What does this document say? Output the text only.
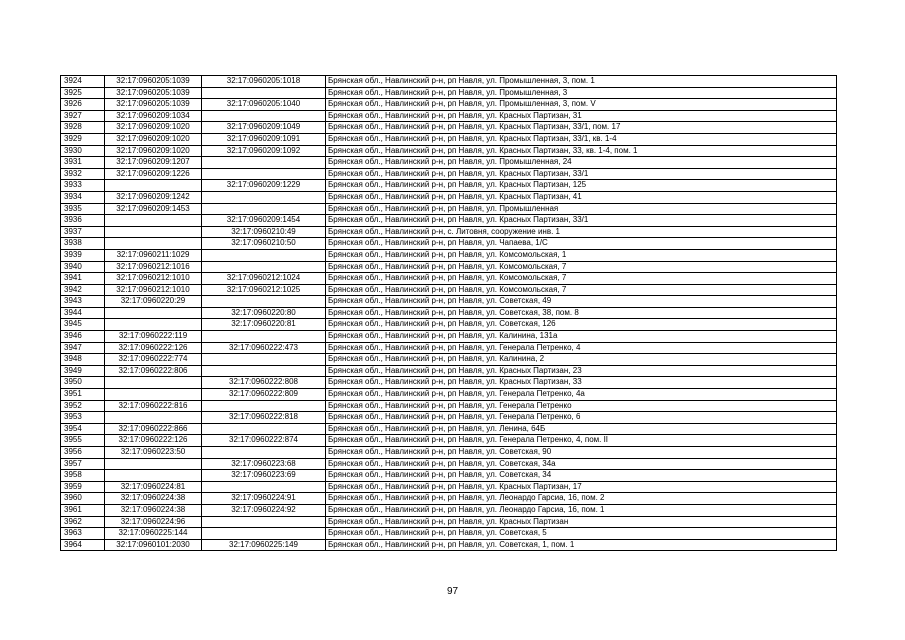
3924	32:17:0960205:1039	32:17:0960205:1018	Брянская обл., Навлинский р-н, рп Навля, ул. Промышленная, 3, пом. 1
3925	32:17:0960205:1039		Брянская обл., Навлинский р-н, рп Навля, ул. Промышленная, 3
3926	32:17:0960205:1039	32:17:0960205:1040	Брянская обл., Навлинский р-н, рп Навля, ул. Промышленная, 3, пом. V
3927	32:17:0960209:1034		Брянская обл., Навлинский р-н, рп Навля, ул. Красных Партизан, 31
3928	32:17:0960209:1020	32:17:0960209:1049	Брянская обл., Навлинский р-н, рп Навля, ул. Красных Партизан, 33/1, пом. 17
3929	32:17:0960209:1020	32:17:0960209:1091	Брянская обл., Навлинский р-н, рп Навля, ул. Красных Партизан, 33/1, кв. 1-4
3930	32:17:0960209:1020	32:17:0960209:1092	Брянская обл., Навлинский р-н, рп Навля, ул. Красных Партизан, 33, кв. 1-4, пом. 1
3931	32:17:0960209:1207		Брянская обл., Навлинский р-н, рп Навля, ул. Промышленная, 24
3932	32:17:0960209:1226		Брянская обл., Навлинский р-н, рп Навля, ул. Красных Партизан, 33/1
3933		32:17:0960209:1229	Брянская обл., Навлинский р-н, рп Навля, ул. Красных Партизан, 125
3934	32:17:0960209:1242		Брянская обл., Навлинский р-н, рп Навля, ул. Красных Партизан, 41
3935	32:17:0960209:1453		Брянская обл., Навлинский р-н, рп Навля, ул. Промышленная
3936		32:17:0960209:1454	Брянская обл., Навлинский р-н, рп Навля, ул. Красных Партизан, 33/1
3937		32:17:0960210:49	Брянская обл., Навлинский р-н, с. Литовня, сооружение инв. 1
3938		32:17:0960210:50	Брянская обл., Навлинский р-н, рп Навля, ул. Чапаева, 1/С
3939	32:17:0960211:1029		Брянская обл., Навлинский р-н, рп Навля, ул. Комсомольская, 1
3940	32:17:0960212:1016		Брянская обл., Навлинский р-н, рп Навля, ул. Комсомольская, 7
3941	32:17:0960212:1010	32:17:0960212:1024	Брянская обл., Навлинский р-н, рп Навля, ул. Комсомольская, 7
3942	32:17:0960212:1010	32:17:0960212:1025	Брянская обл., Навлинский р-н, рп Навля, ул. Комсомольская, 7
3943	32:17:0960220:29		Брянская обл., Навлинский р-н, рп Навля, ул. Советская, 49
3944		32:17:0960220:80	Брянская обл., Навлинский р-н, рп Навля, ул. Советская, 38, пом. 8
3945		32:17:0960220:81	Брянская обл., Навлинский р-н, рп Навля, ул. Советская, 126
3946	32:17:0960222:119		Брянская обл., Навлинский р-н, рп Навля, ул. Калинина, 131а
3947	32:17:0960222:126	32:17:0960222:473	Брянская обл., Навлинский р-н, рп Навля, ул. Генерала Петренко, 4
3948	32:17:0960222:774		Брянская обл., Навлинский р-н, рп Навля, ул. Калинина, 2
3949	32:17:0960222:806		Брянская обл., Навлинский р-н, рп Навля, ул. Красных Партизан, 23
3950		32:17:0960222:808	Брянская обл., Навлинский р-н, рп Навля, ул. Красных Партизан, 33
3951		32:17:0960222:809	Брянская обл., Навлинский р-н, рп Навля, ул. Генерала Петренко, 4а
3952	32:17:0960222:816		Брянская обл., Навлинский р-н, рп Навля, ул. Генерала Петренко
3953		32:17:0960222:818	Брянская обл., Навлинский р-н, рп Навля, ул. Генерала Петренко, 6
3954	32:17:0960222:866		Брянская обл., Навлинский р-н, рп Навля, ул. Ленина, 64Б
3955	32:17:0960222:126	32:17:0960222:874	Брянская обл., Навлинский р-н, рп Навля, ул. Генерала Петренко, 4, пом. II
3956	32:17:0960223:50		Брянская обл., Навлинский р-н, рп Навля, ул. Советская, 90
3957		32:17:0960223:68	Брянская обл., Навлинский р-н, рп Навля, ул. Советская, 34а
3958		32:17:0960223:69	Брянская обл., Навлинский р-н, рп Навля, ул. Советская, 34
3959	32:17:0960224:81		Брянская обл., Навлинский р-н, рп Навля, ул. Красных Партизан, 17
3960	32:17:0960224:38	32:17:0960224:91	Брянская обл., Навлинский р-н, рп Навля, ул. Леонардо Гарсиа, 16, пом. 2
3961	32:17:0960224:38	32:17:0960224:92	Брянская обл., Навлинский р-н, рп Навля, ул. Леонардо Гарсиа, 16, пом. 1
3962	32:17:0960224:96		Брянская обл., Навлинский р-н, рп Навля, ул. Красных Партизан
3963	32:17:0960225:144		Брянская обл., Навлинский р-н, рп Навля, ул. Советская, 5
3964	32:17:0960101:2030	32:17:0960225:149	Брянская обл., Навлинский р-н, рп Навля, ул. Советская, 1, пом. 1
97
